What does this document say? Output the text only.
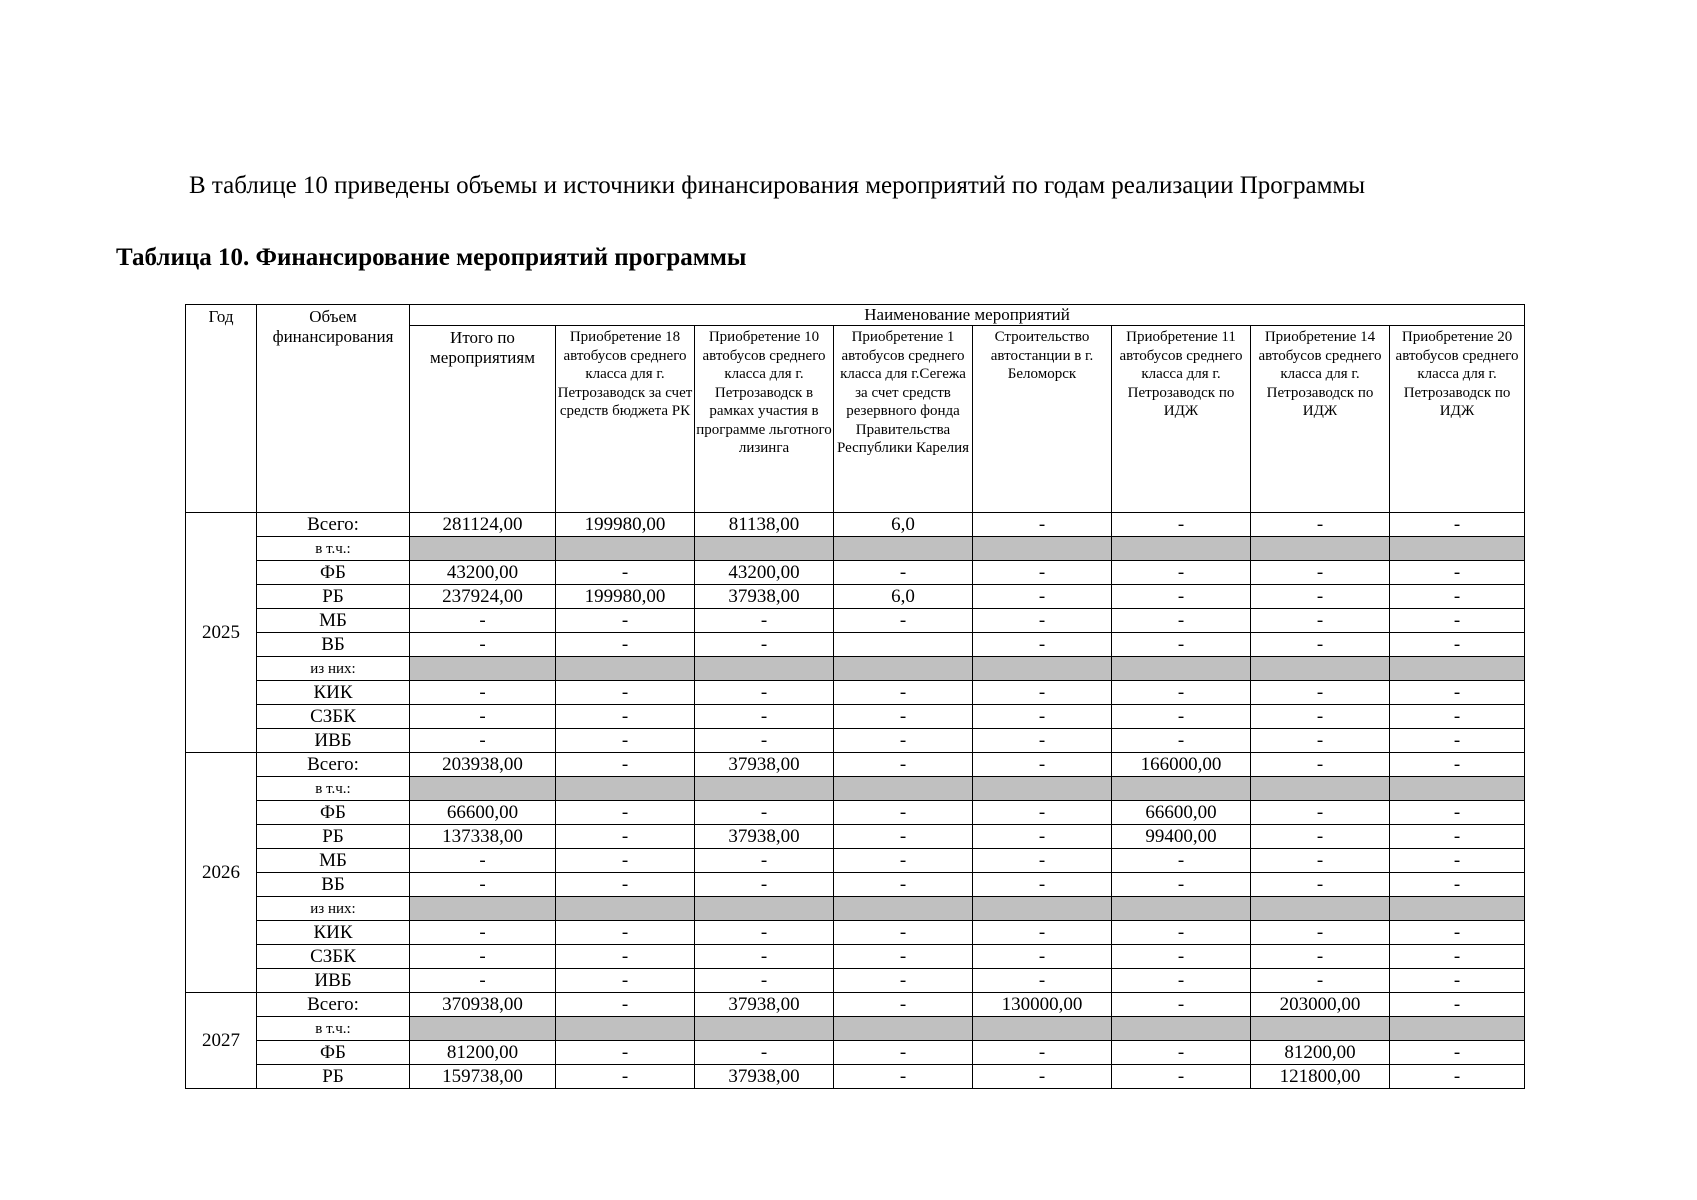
В таблице 10 приведены объемы и источники финансирования мероприятий по годам реализации Программы
Таблица 10. Финансирование мероприятий программы
Год	Объем финансирования	Наименование мероприятий							
		Итого по мероприятиям	Приобретение 18 автобусов среднего класса для г. Петрозаводск за счет средств бюджета РК	Приобретение 10 автобусов среднего класса для г. Петрозаводск в рамках участия в программе льготного лизинга	Приобретение 1 автобусов среднего класса для г.Сегежа за счет средств резервного фонда Правительства Республики Карелия	Строительство автостанции в г. Беломорск	Приобретение 11 автобусов среднего класса для г. Петрозаводск по ИДЖ	Приобретение 14 автобусов среднего класса для г. Петрозаводск по ИДЖ	Приобретение 20 автобусов среднего класса для г. Петрозаводск по ИДЖ
2025	Всего:	281124,00	199980,00	81138,00	6,0	-	-	-	-
	в т.ч.:								
	ФБ	43200,00	-	43200,00	-	-	-	-	-
	РБ	237924,00	199980,00	37938,00	6,0	-	-	-	-
	МБ	-	-	-	-	-	-	-	-
	ВБ	-	-	-		-	-	-	-
	из них:								
	КИК	-	-	-	-	-	-	-	-
	СЗБК	-	-	-	-	-	-	-	-
	ИВБ	-	-	-	-	-	-	-	-
2026	Всего:	203938,00	-	37938,00	-	-	166000,00	-	-
	в т.ч.:								
	ФБ	66600,00	-	-	-	-	66600,00	-	-
	РБ	137338,00	-	37938,00	-	-	99400,00	-	-
	МБ	-	-	-	-	-	-	-	-
	ВБ	-	-	-	-	-	-	-	-
	из них:								
	КИК	-	-	-	-	-	-	-	-
	СЗБК	-	-	-	-	-	-	-	-
	ИВБ	-	-	-	-	-	-	-	-
2027	Всего:	370938,00	-	37938,00	-	130000,00	-	203000,00	-
	в т.ч.:								
	ФБ	81200,00	-	-	-	-	-	81200,00	-
	РБ	159738,00	-	37938,00	-	-	-	121800,00	-
